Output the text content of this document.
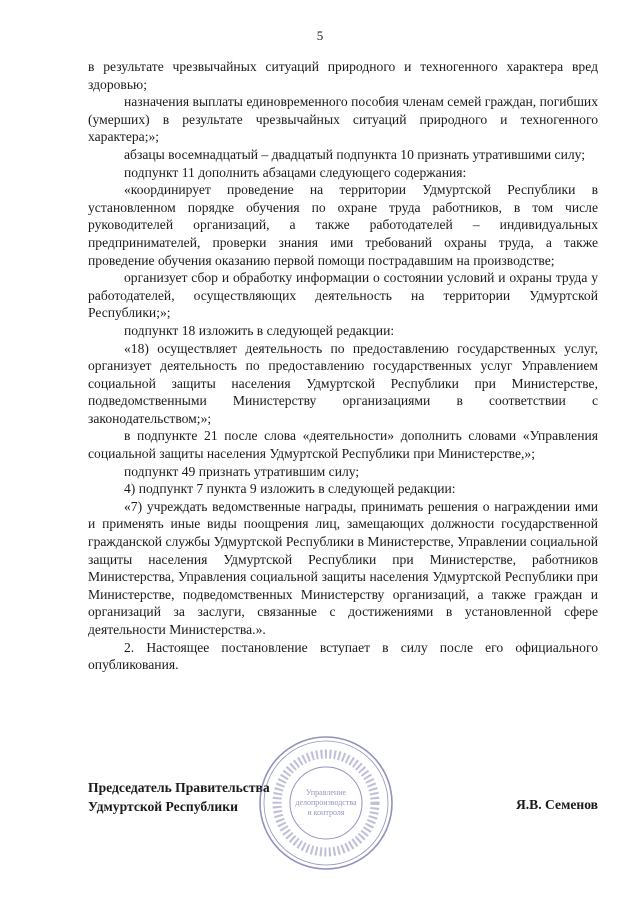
5

в результате чрезвычайных ситуаций природного и техногенного характера вред здоровью;

назначения выплаты единовременного пособия членам семей граждан, погибших (умерших) в результате чрезвычайных ситуаций природного и техногенного характера;»;

абзацы восемнадцатый – двадцатый подпункта 10 признать утратившими силу;

подпункт 11 дополнить абзацами следующего содержания:

«координирует проведение на территории Удмуртской Республики в установленном порядке обучения по охране труда работников, в том числе руководителей организаций, а также работодателей – индивидуальных предпринимателей, проверки знания ими требований охраны труда, а также проведение обучения оказанию первой помощи пострадавшим на производстве;

организует сбор и обработку информации о состоянии условий и охраны труда у работодателей, осуществляющих деятельность на территории Удмуртской Республики;»;

подпункт 18 изложить в следующей редакции:

«18) осуществляет деятельность по предоставлению государственных услуг, организует деятельность по предоставлению государственных услуг Управлением социальной защиты населения Удмуртской Республики при Министерстве, подведомственными Министерству организациями в соответствии с законодательством;»;

в подпункте 21 после слова «деятельности» дополнить словами «Управления социальной защиты населения Удмуртской Республики при Министерстве,»;

подпункт 49 признать утратившим силу;

4) подпункт 7 пункта 9 изложить в следующей редакции:

«7) учреждать ведомственные награды, принимать решения о награждении ими и применять иные виды поощрения лиц, замещающих должности государственной гражданской службы Удмуртской Республики в Министерстве, Управлении социальной защиты населения Удмуртской Республики при Министерстве, работников Министерства, Управления социальной защиты населения Удмуртской Республики при Министерстве, подведомственных Министерству организаций, а также граждан и организаций за заслуги, связанные с достижениями в установленной сфере деятельности Министерства.».

2. Настоящее постановление вступает в силу после его официального опубликования.

Председатель Правительства
Удмуртской Республики	Я.В. Семенов
Управление
делопроизводства
и контроля
